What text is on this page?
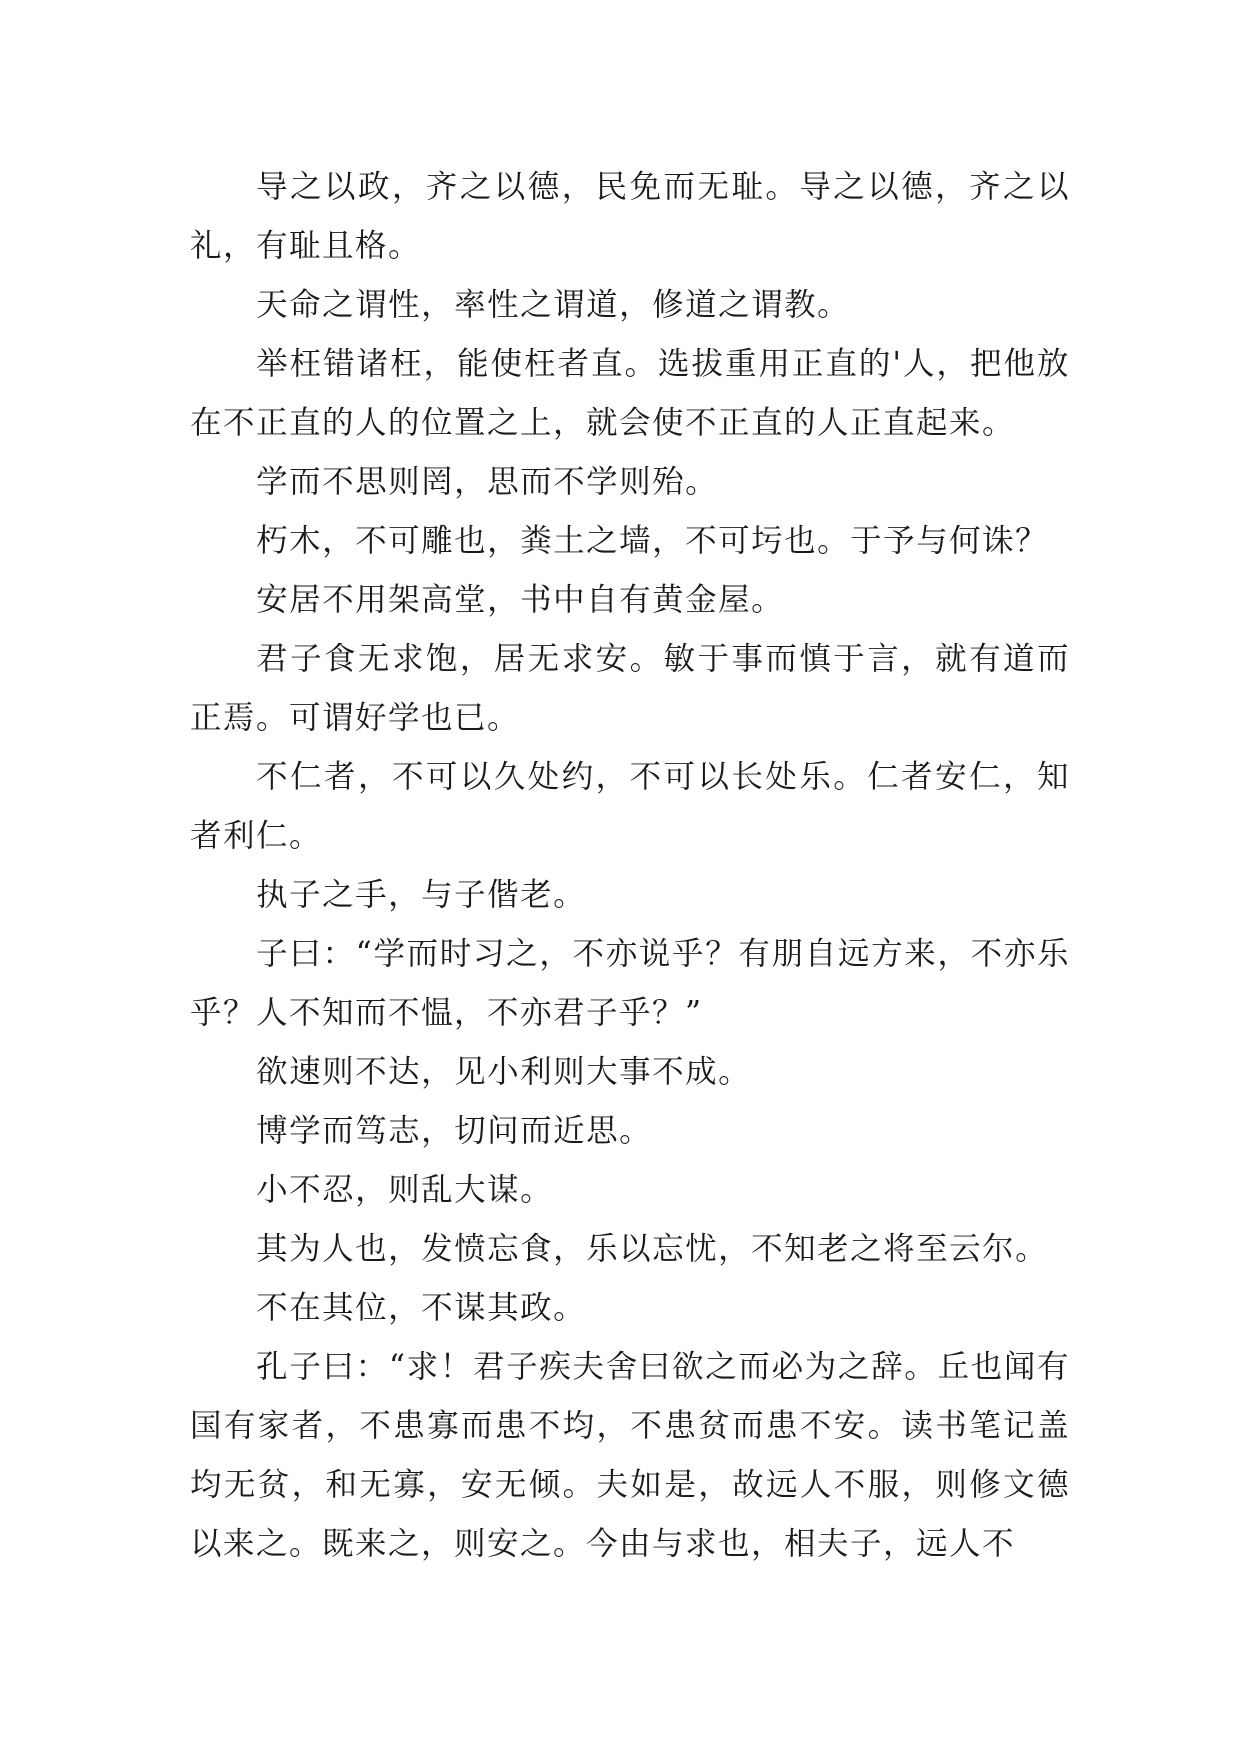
导之以政，齐之以德，民免而无耻。导之以德，齐之以礼，有耻且格。

天命之谓性，率性之谓道，修道之谓教。

举枉错诸枉，能使枉者直。选拔重用正直的'人，把他放在不正直的人的位置之上，就会使不正直的人正直起来。

学而不思则罔，思而不学则殆。

朽木，不可雕也，粪土之墙，不可圬也。于予与何诛？

安居不用架高堂，书中自有黄金屋。

君子食无求饱，居无求安。敏于事而慎于言，就有道而正焉。可谓好学也已。

不仁者，不可以久处约，不可以长处乐。仁者安仁，知者利仁。

执子之手，与子偕老。

子曰：“学而时习之，不亦说乎？有朋自远方来，不亦乐乎？人不知而不愠，不亦君子乎？”

欲速则不达，见小利则大事不成。

博学而笃志，切问而近思。

小不忍，则乱大谋。

其为人也，发愤忘食，乐以忘忧，不知老之将至云尔。

不在其位，不谋其政。

孔子曰：“求！君子疾夫舍曰欲之而必为之辞。丘也闻有国有家者，不患寡而患不均，不患贫而患不安。读书笔记盖均无贫，和无寡，安无倾。夫如是，故远人不服，则修文德以来之。既来之，则安之。今由与求也，相夫子，远人不
